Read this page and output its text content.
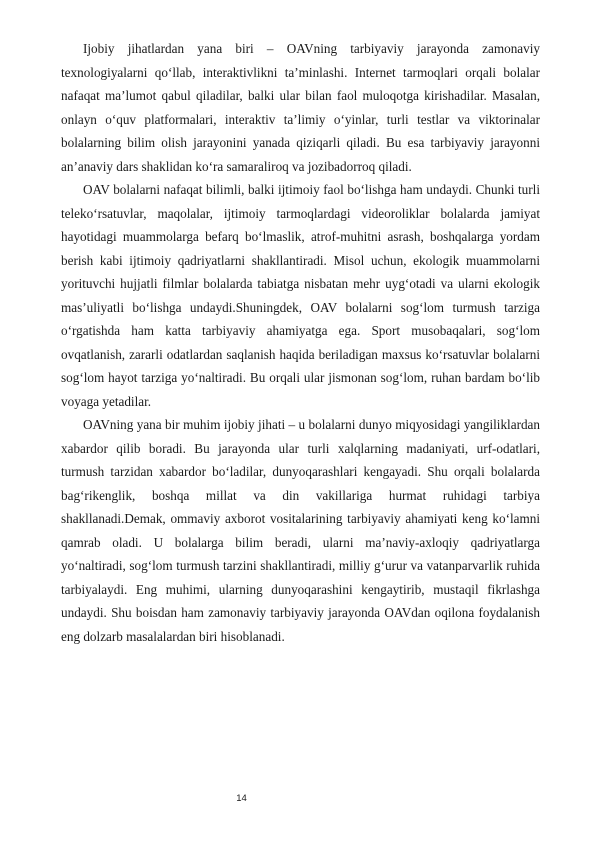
Ijobiy jihatlardan yana biri – OAVning tarbiyaviy jarayonda zamonaviy texnologiyalarni qo‘llab, interaktivlikni ta’minlashi. Internet tarmoqlari orqali bolalar nafaqat ma’lumot qabul qiladilar, balki ular bilan faol muloqotga kirishadilar. Masalan, onlayn o‘quv platformalari, interaktiv ta’limiy o‘yinlar, turli testlar va viktorinalar bolalarning bilim olish jarayonini yanada qiziqarli qiladi. Bu esa tarbiyaviy jarayonni an’anaviy dars shaklidan ko‘ra samaraliroq va jozibadorroq qiladi.

OAV bolalarni nafaqat bilimli, balki ijtimoiy faol bo‘lishga ham undaydi. Chunki turli teleko‘rsatuvlar, maqolalar, ijtimoiy tarmoqlardagi videoroliklar bolalarda jamiyat hayotidagi muammolarga befarq bo‘lmaslik, atrof-muhitni asrash, boshqalarga yordam berish kabi ijtimoiy qadriyatlarni shakllantiradi. Misol uchun, ekologik muammolarni yorituvchi hujjatli filmlar bolalarda tabiatga nisbatan mehr uyg‘otadi va ularni ekologik mas’uliyatli bo‘lishga undaydi.Shuningdek, OAV bolalarni sog‘lom turmush tarziga o‘rgatishda ham katta tarbiyaviy ahamiyatga ega. Sport musobaqalari, sog‘lom ovqatlanish, zararli odatlardan saqlanish haqida beriladigan maxsus ko‘rsatuvlar bolalarni sog‘lom hayot tarziga yo‘naltiradi. Bu orqali ular jismonan sog‘lom, ruhan bardam bo‘lib voyaga yetadilar.

OAVning yana bir muhim ijobiy jihati – u bolalarni dunyo miqyosidagi yangiliklardan xabardor qilib boradi. Bu jarayonda ular turli xalqlarning madaniyati, urf-odatlari, turmush tarzidan xabardor bo‘ladilar, dunyoqarashlari kengayadi. Shu orqali bolalarda bag‘rikenglik, boshqa millat va din vakillariga hurmat ruhidagi tarbiya shakllanadi.Demak, ommaviy axborot vositalarining tarbiyaviy ahamiyati keng ko‘lamni qamrab oladi. U bolalarga bilim beradi, ularni ma’naviy-axloqiy qadriyatlarga yo‘naltiradi, sog‘lom turmush tarzini shakllantiradi, milliy g‘urur va vatanparvarlik ruhida tarbiyalaydi. Eng muhimi, ularning dunyoqarashini kengaytirib, mustaqil fikrlashga undaydi. Shu boisdan ham zamonaviy tarbiyaviy jarayonda OAVdan oqilona foydalanish eng dolzarb masalalardan biri hisoblanadi.

14
